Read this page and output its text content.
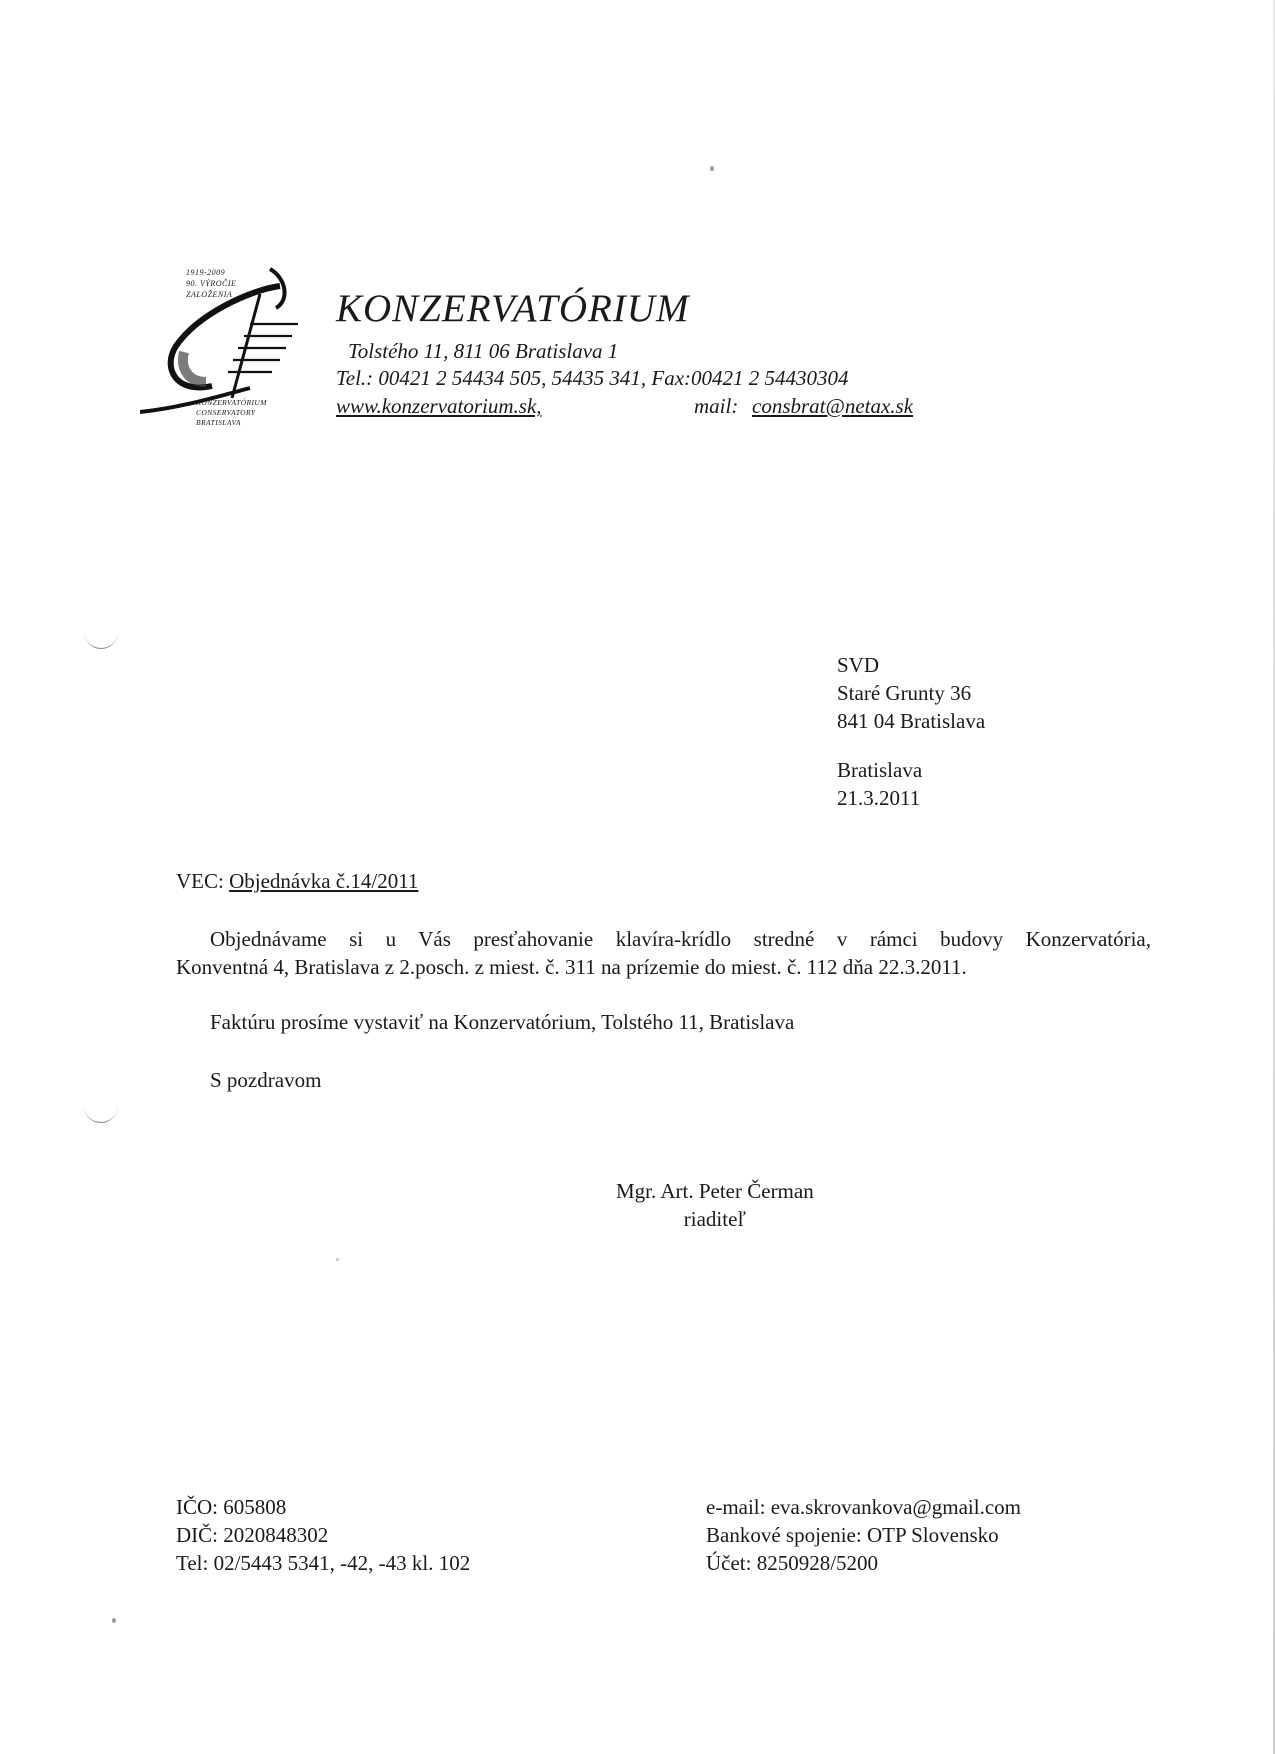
1919-2009
90. VÝROČIE
ZALOŽENIA
KONZERVATÓRIUM
CONSERVATORY
BRATISLAVA
KONZERVATÓRIUM
Tolstého 11, 811 06 Bratislava 1
Tel.: 00421 2 54434 505, 54435 341, Fax:00421 2 54430304
www.konzervatorium.sk,	mail: consbrat@netax.sk
SVD
Staré Grunty 36
841 04 Bratislava
Bratislava
21.3.2011
VEC: Objednávka č.14/2011
Objednávame si u Vás presťahovanie klavíra-krídlo stredné v rámci budovy Konzervatória,
Konventná 4, Bratislava z 2.posch. z miest. č. 311 na prízemie do miest. č. 112 dňa 22.3.2011.
Faktúru prosíme vystaviť na Konzervatórium, Tolstého 11, Bratislava
S pozdravom
Mgr. Art. Peter Čerman
riaditeľ
IČO: 605808
DIČ: 2020848302
Tel: 02/5443 5341, -42, -43 kl. 102
e-mail: eva.skrovankova@gmail.com
Bankové spojenie: OTP Slovensko
Účet: 8250928/5200
